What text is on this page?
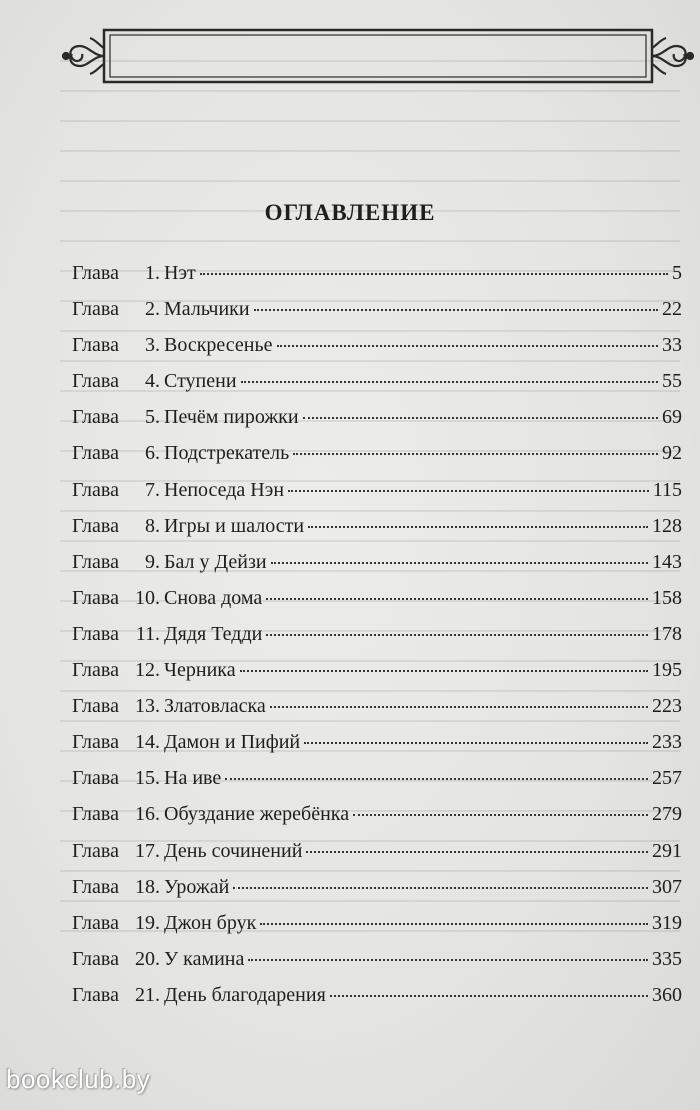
ОГЛАВЛЕНИЕ
Глава	1. Нэт	5
Глава	2. Мальчики	22
Глава	3. Воскресенье	33
Глава	4. Ступени	55
Глава	5. Печём пирожки	69
Глава	6. Подстрекатель	92
Глава	7. Непоседа Нэн	115
Глава	8. Игры и шалости	128
Глава	9. Бал у Дейзи	143
Глава 10. Снова дома	158
Глава 11. Дядя Тедди	178
Глава 12. Черника	195
Глава 13. Златовласка	223
Глава 14. Дамон и Пифий	233
Глава 15. На иве	257
Глава 16. Обуздание жеребёнка	279
Глава 17. День сочинений	291
Глава 18. Урожай	307
Глава 19. Джон брук	319
Глава 20. У камина	335
Глава 21. День благодарения	360
bookclub.by
